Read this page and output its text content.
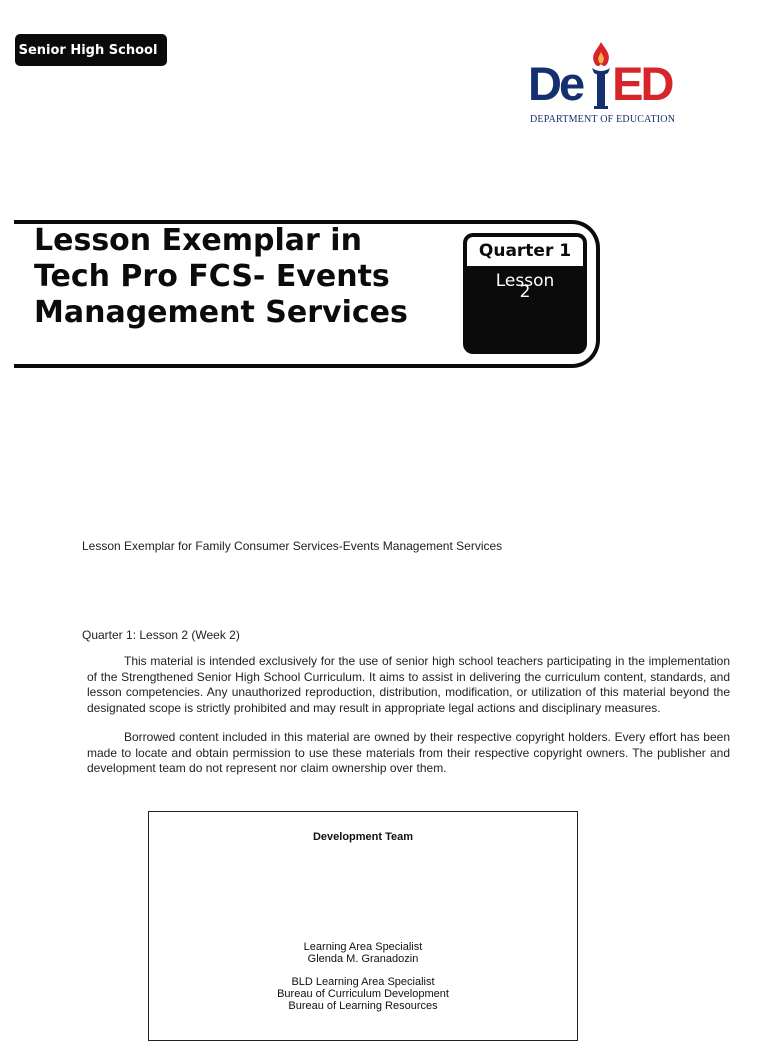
Senior High School
De ED
DEPARTMENT OF EDUCATION
Lesson Exemplar in
Tech Pro FCS- Events
Management Services
Quarter 1
Lesson
2
Lesson Exemplar for Family Consumer Services-Events Management Services
Quarter 1: Lesson 2 (Week 2)

This material is intended exclusively for the use of senior high school teachers participating in the implementation of the Strengthened Senior High School Curriculum. It aims to assist in delivering the curriculum content, standards, and lesson competencies. Any unauthorized reproduction, distribution, modification, or utilization of this material beyond the designated scope is strictly prohibited and may result in appropriate legal actions and disciplinary measures.

Borrowed content included in this material are owned by their respective copyright holders. Every effort has been made to locate and obtain permission to use these materials from their respective copyright owners. The publisher and development team do not represent nor claim ownership over them.

Development Team
Learning Area Specialist
Glenda M. Granadozin
BLD Learning Area Specialist
Bureau of Curriculum Development
Bureau of Learning Resources
